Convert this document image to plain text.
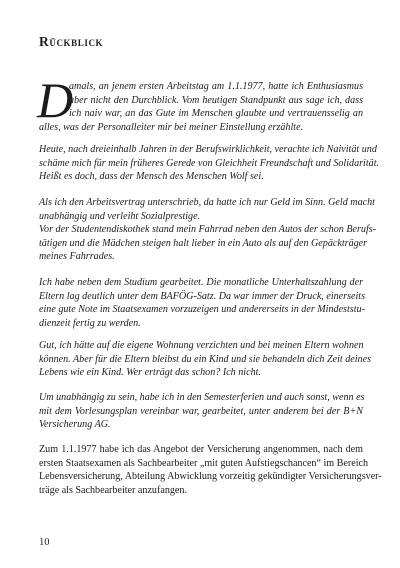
Rückblick
D

amals, an jenem ersten Arbeitstag am 1.1.1977, hatte ich Enthusiasmus
aber nicht den Durchblick. Vom heutigen Standpunkt aus sage ich, dass
ich naiv war, an das Gute im Menschen glaubte und vertrauensselig an
alles, was der Personalleiter mir bei meiner Einstellung erzählte.

Heute, nach dreieinhalb Jahren in der Berufswirklichkeit, verachte ich Naivität und
schäme mich für mein früheres Gerede von Gleichheit Freundschaft und Solidarität.
Heißt es doch, dass der Mensch des Menschen Wolf sei.

Als ich den Arbeitsvertrag unterschrieb, da hatte ich nur Geld im Sinn. Geld macht
unabhängig und verleiht Sozialprestige.
Vor der Studentendiskothek stand mein Fahrrad neben den Autos der schon Berufs-
tätigen und die Mädchen steigen halt lieber in ein Auto als auf den Gepäckträger
meines Fahrrades.

Ich habe neben dem Studium gearbeitet. Die monatliche Unterhaltszahlung der
Eltern lag deutlich unter dem BAFÖG-Satz. Da war immer der Druck, einerseits
eine gute Note im Staatsexamen vorzuzeigen und andererseits in der Mindeststu-
dienzeit fertig zu werden.

Gut, ich hätte auf die eigene Wohnung verzichten und bei meinen Eltern wohnen
können. Aber für die Eltern bleibst du ein Kind und sie behandeln dich Zeit deines
Lebens wie ein Kind. Wer erträgt das schon? Ich nicht.

Um unabhängig zu sein, habe ich in den Semesterferien und auch sonst, wenn es
mit dem Vorlesungsplan vereinbar war, gearbeitet, unter anderem bei der B+N
Versicherung AG.

Zum 1.1.1977 habe ich das Angebot der Versicherung angenommen, nach dem
ersten Staatsexamen als Sachbearbeiter „mit guten Aufstiegschancen“ im Bereich
Lebensversicherung, Abteilung Abwicklung vorzeitig gekündigter Versicherungsver-
träge als Sachbearbeiter anzufangen.

10
